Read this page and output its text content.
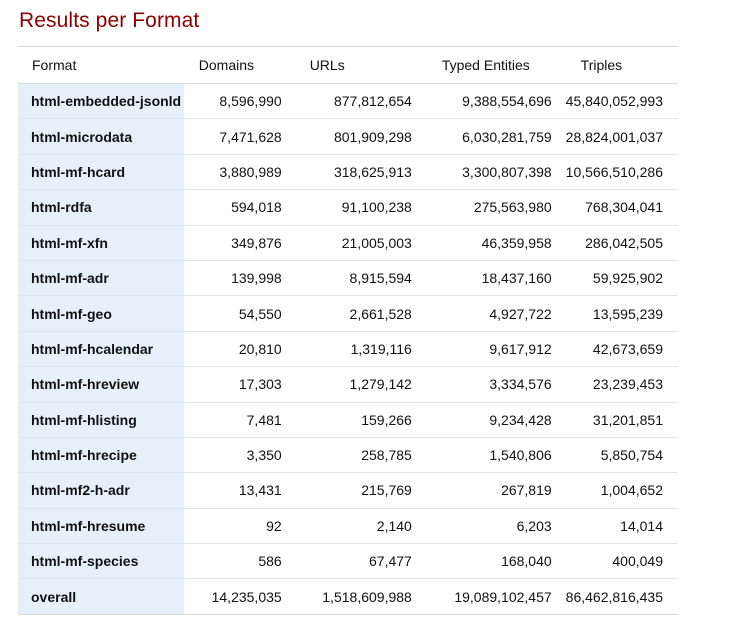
Results per Format
Format	Domains	URLs	Typed Entities	Triples
html-embedded-jsonld	8,596,990	877,812,654	9,388,554,696	45,840,052,993
html-microdata	7,471,628	801,909,298	6,030,281,759	28,824,001,037
html-mf-hcard	3,880,989	318,625,913	3,300,807,398	10,566,510,286
html-rdfa	594,018	91,100,238	275,563,980	768,304,041
html-mf-xfn	349,876	21,005,003	46,359,958	286,042,505
html-mf-adr	139,998	8,915,594	18,437,160	59,925,902
html-mf-geo	54,550	2,661,528	4,927,722	13,595,239
html-mf-hcalendar	20,810	1,319,116	9,617,912	42,673,659
html-mf-hreview	17,303	1,279,142	3,334,576	23,239,453
html-mf-hlisting	7,481	159,266	9,234,428	31,201,851
html-mf-hrecipe	3,350	258,785	1,540,806	5,850,754
html-mf2-h-adr	13,431	215,769	267,819	1,004,652
html-mf-hresume	92	2,140	6,203	14,014
html-mf-species	586	67,477	168,040	400,049
overall	14,235,035	1,518,609,988	19,089,102,457	86,462,816,435
